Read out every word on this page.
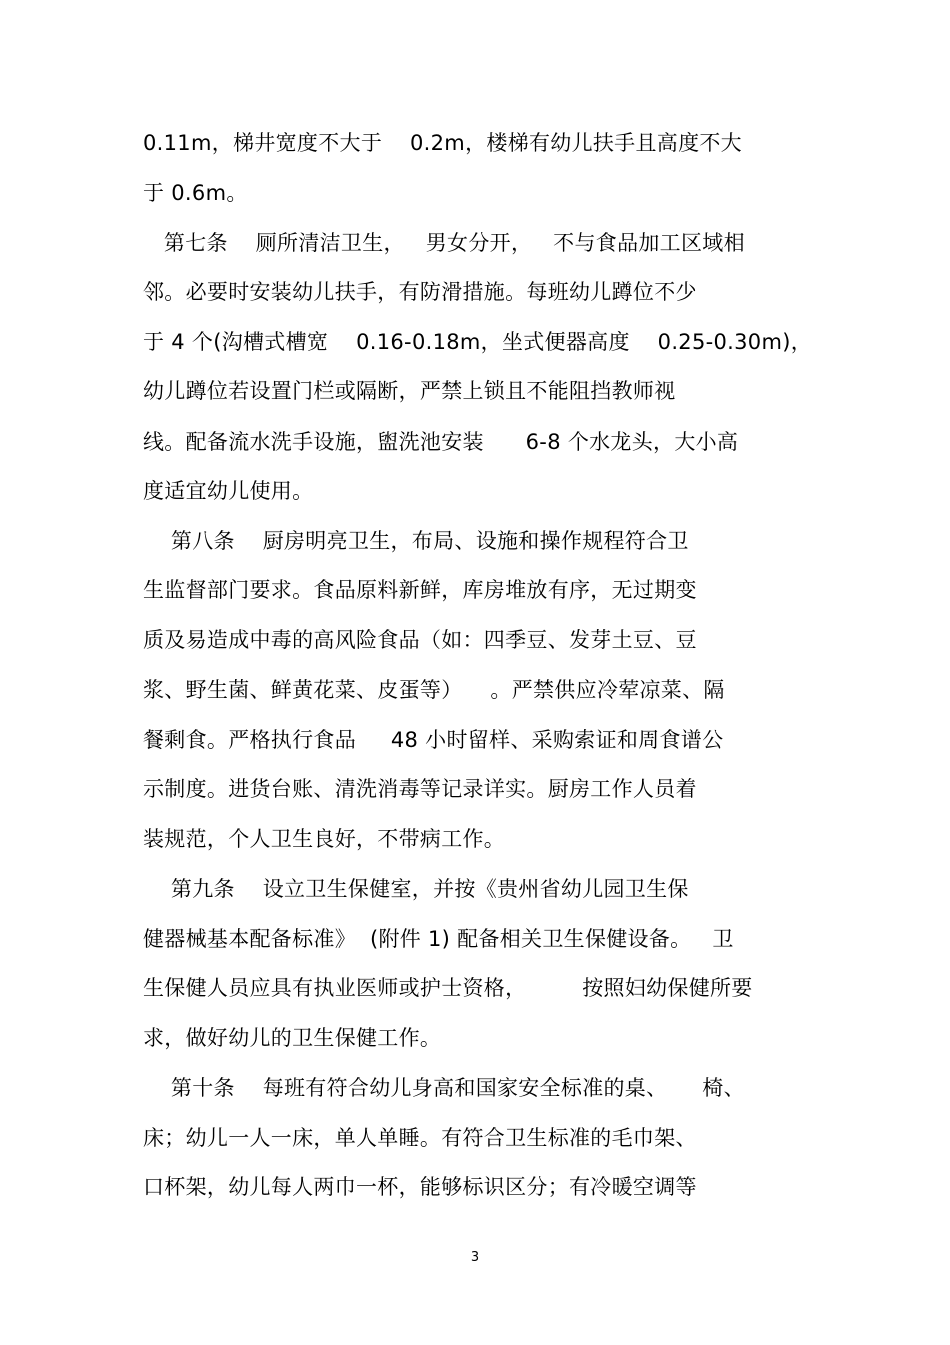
0.11m，梯井宽度不大于    0.2m，楼梯有幼儿扶手且高度不大
于 0.6m。
第七条    厕所清洁卫生，   男女分开，   不与食品加工区域相
邻。必要时安装幼儿扶手，有防滑措施。每班幼儿蹲位不少
于 4 个(沟槽式槽宽    0.16-0.18m，坐式便器高度    0.25-0.30m)，
幼儿蹲位若设置门栏或隔断，严禁上锁且不能阻挡教师视
线。配备流水洗手设施，盥洗池安装      6-8 个水龙头，大小高
度适宜幼儿使用。
第八条    厨房明亮卫生，布局、设施和操作规程符合卫
生监督部门要求。食品原料新鲜，库房堆放有序，无过期变
质及易造成中毒的高风险食品（如：四季豆、发芽土豆、豆
浆、野生菌、鲜黄花菜、皮蛋等）    。严禁供应冷荤凉菜、隔
餐剩食。严格执行食品     48 小时留样、采购索证和周食谱公
示制度。进货台账、清洗消毒等记录详实。厨房工作人员着
装规范，个人卫生良好，不带病工作。
第九条    设立卫生保健室，并按《贵州省幼儿园卫生保
健器械基本配备标准》  (附件 1) 配备相关卫生保健设备。   卫
生保健人员应具有执业医师或护士资格，        按照妇幼保健所要
求，做好幼儿的卫生保健工作。
第十条    每班有符合幼儿身高和国家安全标准的桌、     椅、
床；幼儿一人一床，单人单睡。有符合卫生标准的毛巾架、
口杯架，幼儿每人两巾一杯，能够标识区分；有冷暖空调等
3
